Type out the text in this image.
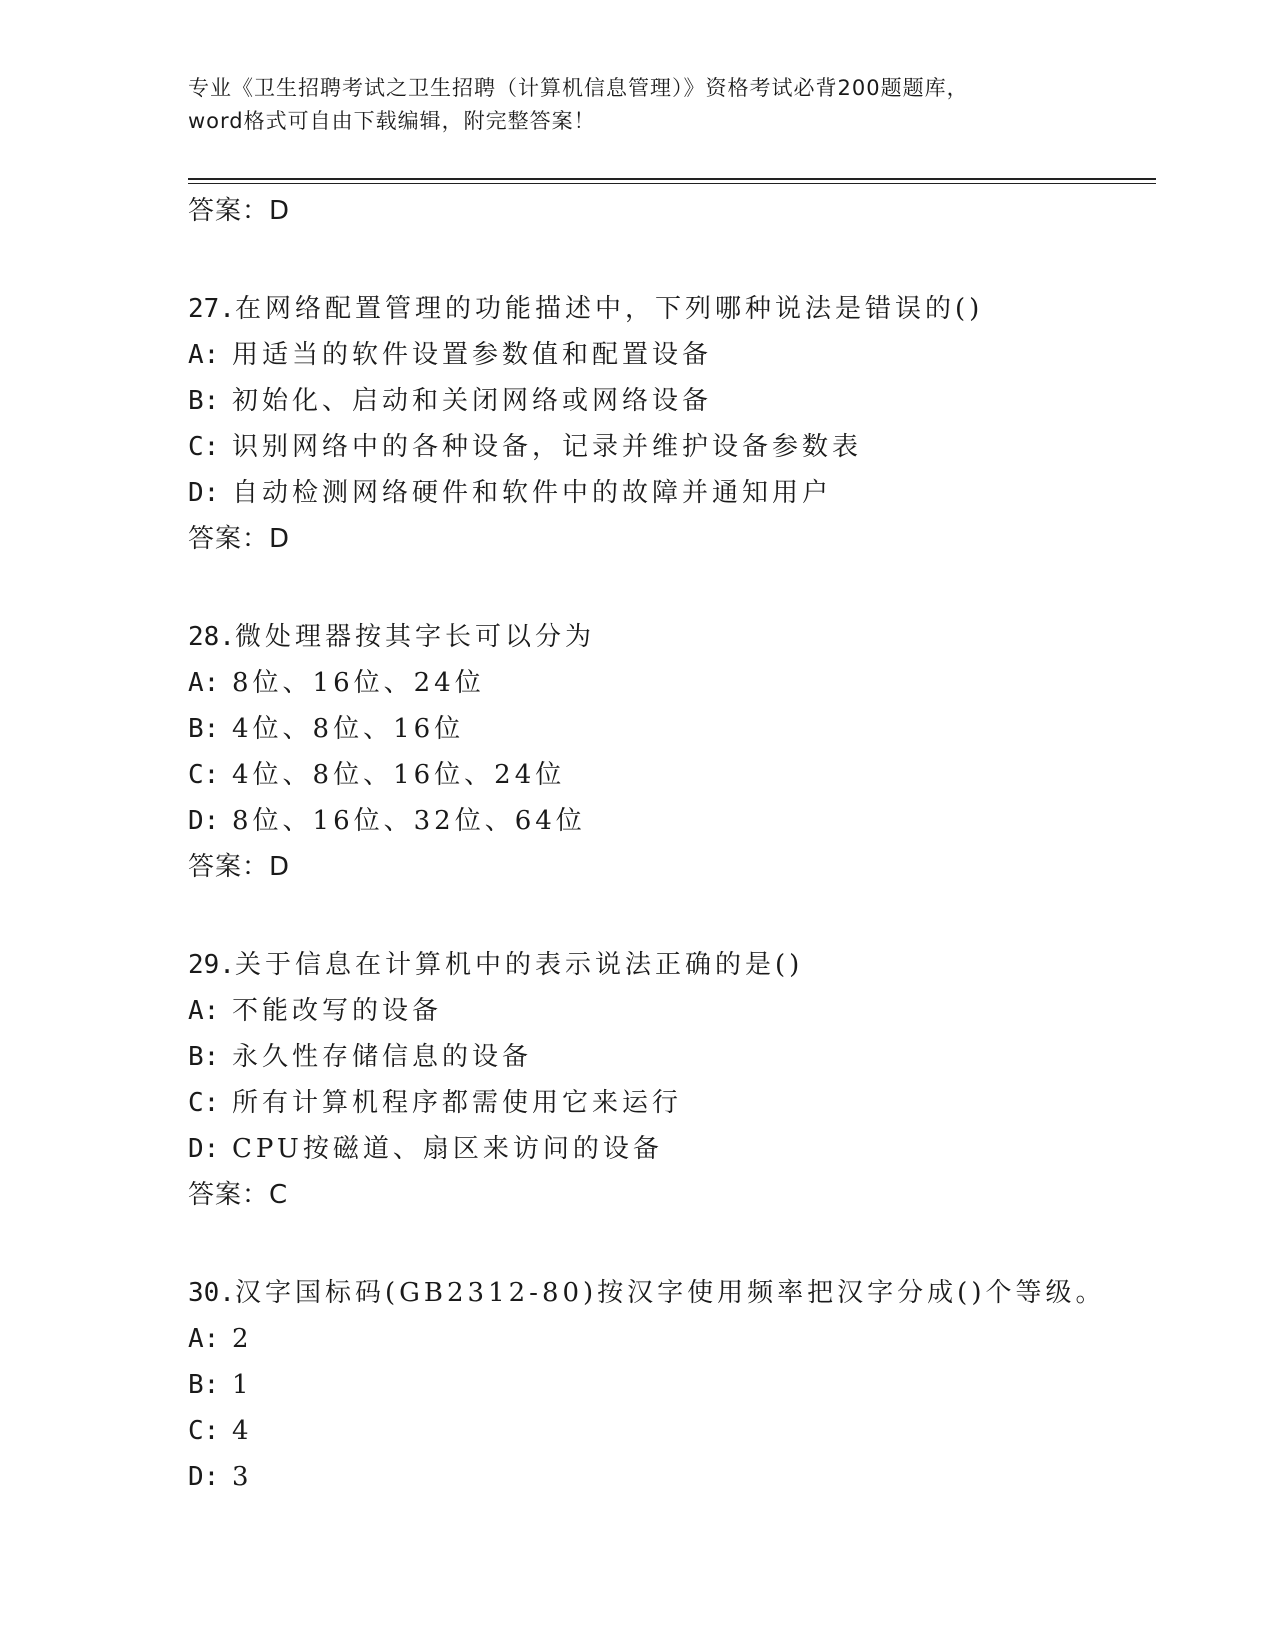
专业《卫生招聘考试之卫生招聘（计算机信息管理）》资格考试必背200题题库，
word格式可自由下载编辑，附完整答案！
答案：D
27.在网络配置管理的功能描述中，下列哪种说法是错误的()
A: 用适当的软件设置参数值和配置设备
B: 初始化、启动和关闭网络或网络设备
C: 识别网络中的各种设备，记录并维护设备参数表
D: 自动检测网络硬件和软件中的故障并通知用户
答案：D
28.微处理器按其字长可以分为
A: 8位、16位、24位
B: 4位、8位、16位
C: 4位、8位、16位、24位
D: 8位、16位、32位、64位
答案：D
29.关于信息在计算机中的表示说法正确的是()
A: 不能改写的设备
B: 永久性存储信息的设备
C: 所有计算机程序都需使用它来运行
D: CPU按磁道、扇区来访问的设备
答案：C
30.汉字国标码(GB2312-80)按汉字使用频率把汉字分成()个等级。
A: 2
B: 1
C: 4
D: 3
